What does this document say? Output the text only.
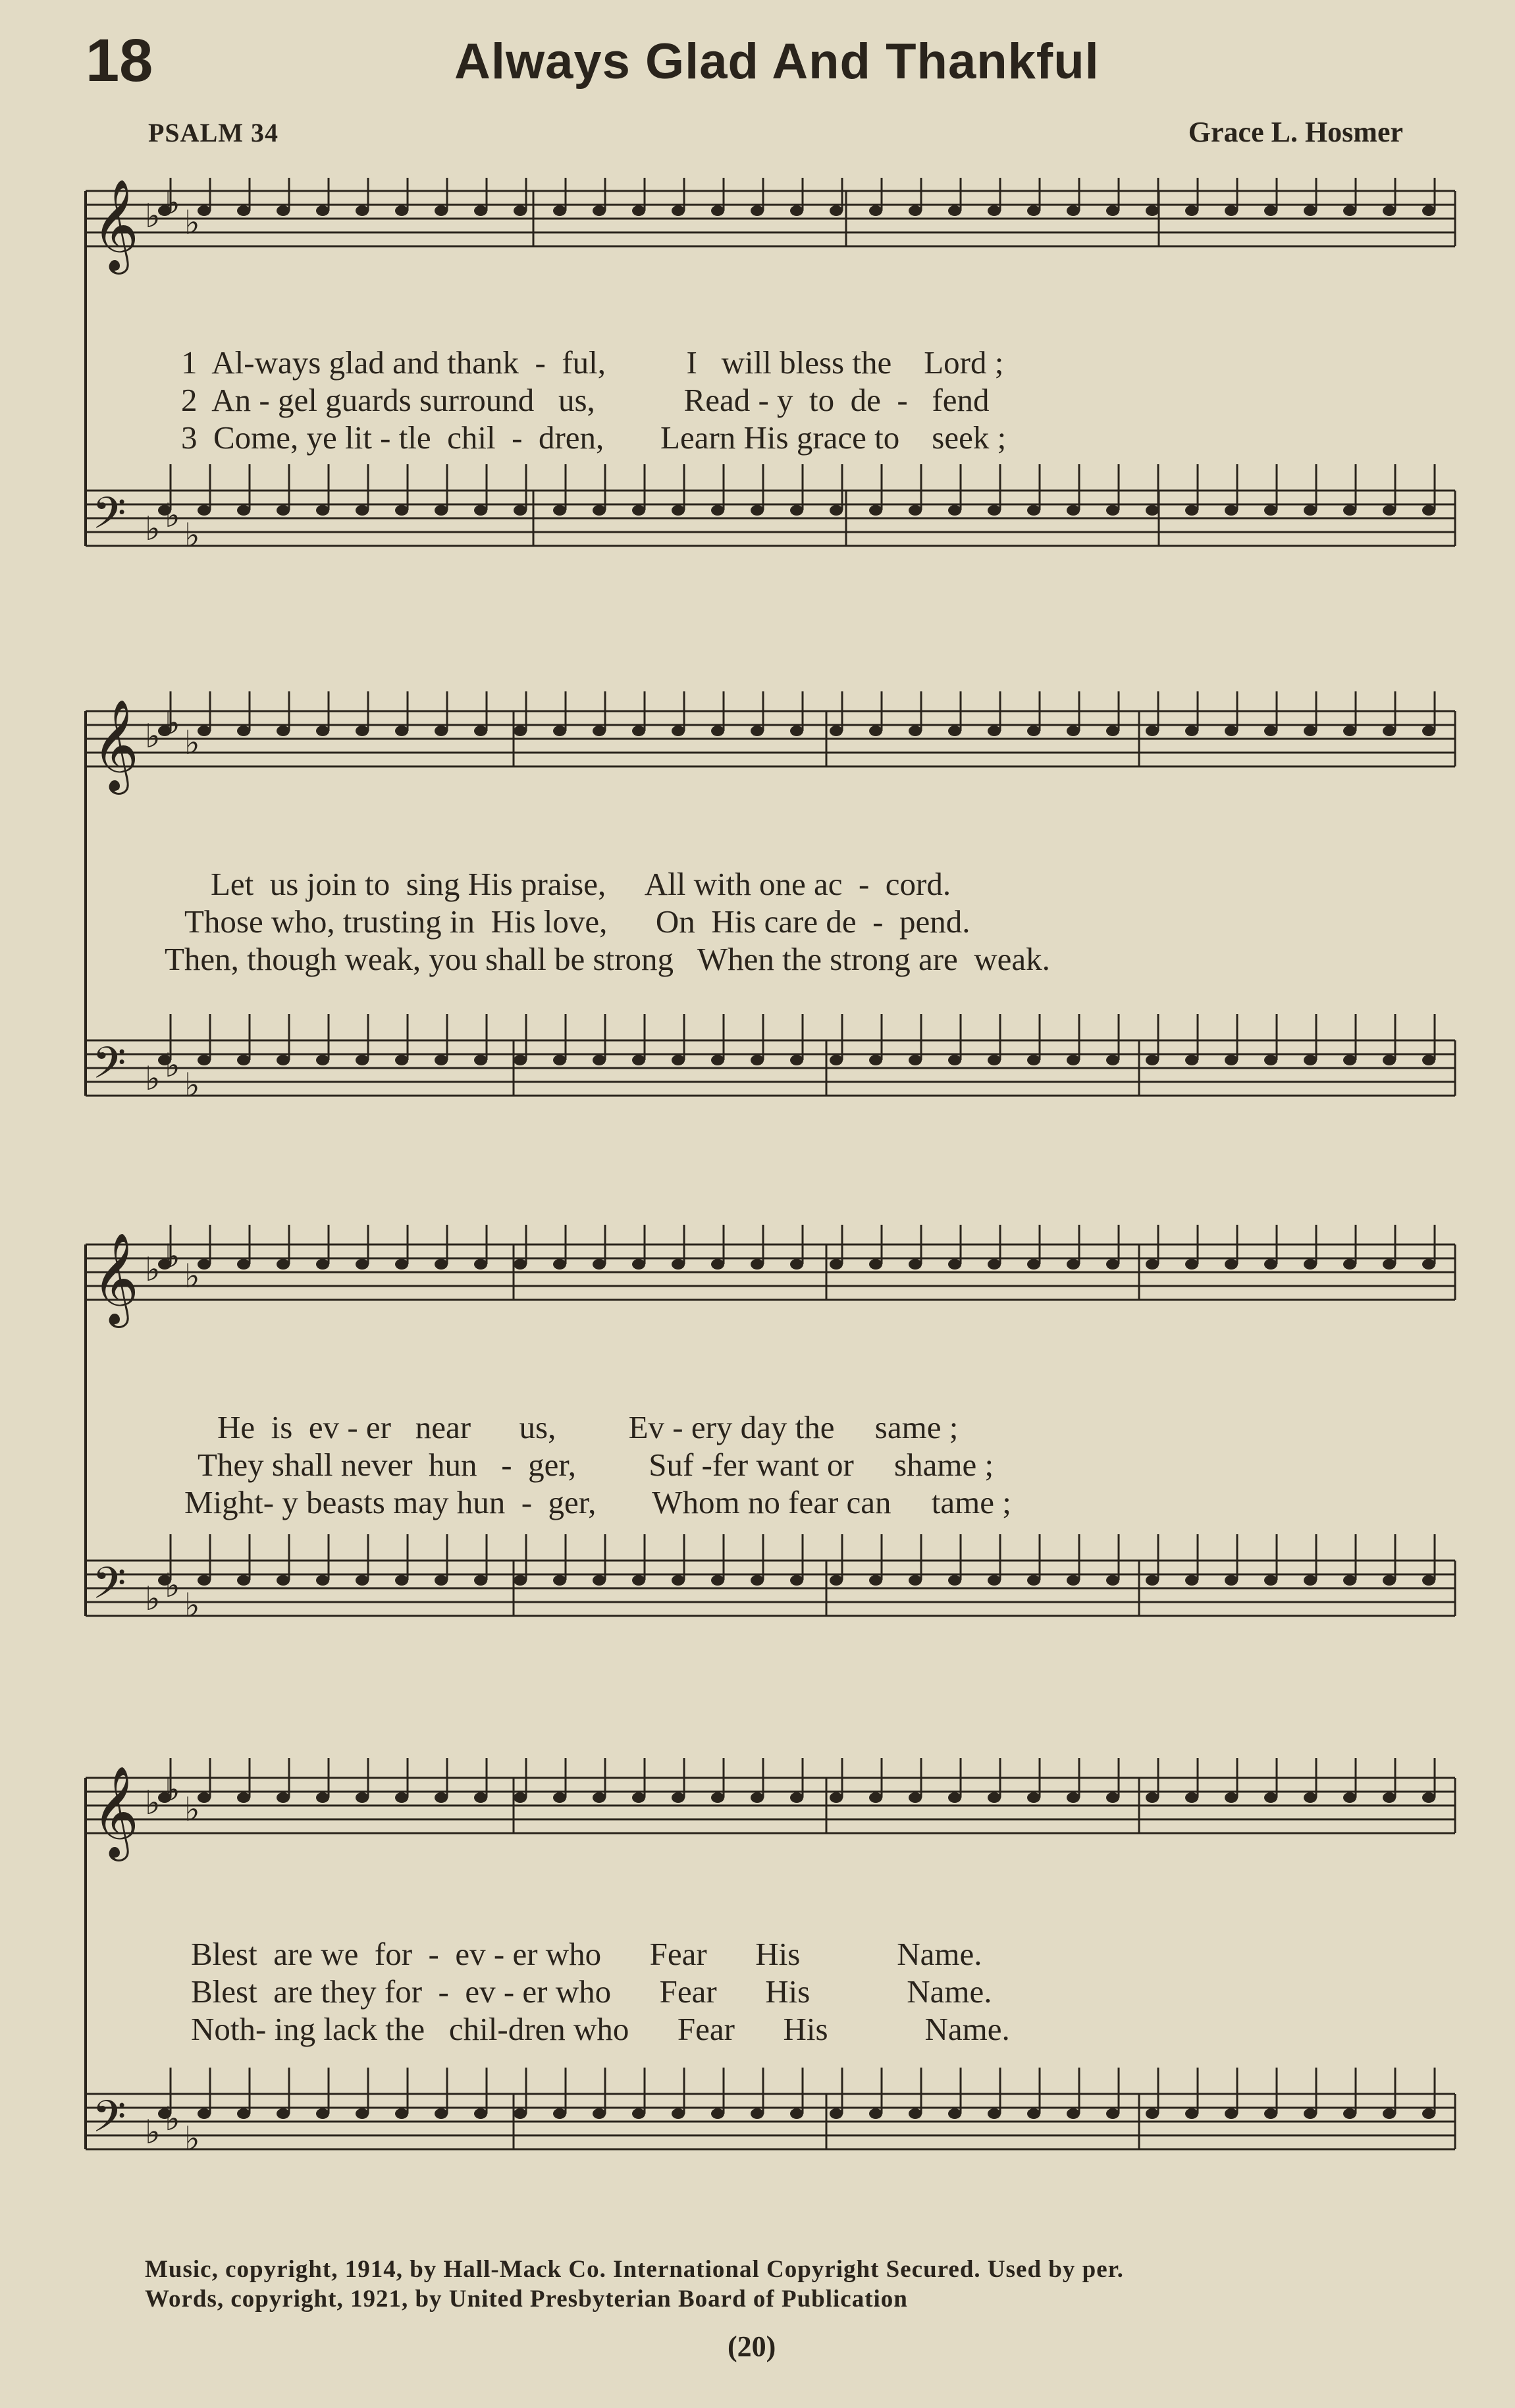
18	Always Glad And Thankful
PSALM 34	Grace L. Hosmer
𝄞
𝄢
♭
♭
♭
♭
♭
♭
1  Al-ways glad and thank  -  ful,          I   will bless the    Lord ;
2  An - gel guards surround   us,           Read - y  to  de  -   fend
3  Come, ye lit - tle  chil  -  dren,       Learn His grace to    seek ;
𝄞
𝄢
♭
♭
♭
♭
♭
♭
Let  us join to  sing His praise,     All with one ac  -  cord.
Those who, trusting in  His love,      On  His care de  -  pend.
Then, though weak, you shall be strong   When the strong are  weak.
𝄞
𝄢
♭
♭
♭
♭
♭
♭
He  is  ev - er   near      us,         Ev - ery day the     same ;
They shall never  hun   -  ger,         Suf -fer want or     shame ;
Might- y beasts may hun  -  ger,       Whom no fear can     tame ;
𝄞
𝄢
♭
♭
♭
♭
♭
♭
Blest  are we  for  -  ev - er who      Fear      His            Name.
Blest  are they for  -  ev - er who      Fear      His            Name.
Noth- ing lack the   chil-dren who      Fear      His            Name.
Music, copyright, 1914, by Hall-Mack Co. International Copyright Secured. Used by per.
Words, copyright, 1921, by United Presbyterian Board of Publication
(20)
